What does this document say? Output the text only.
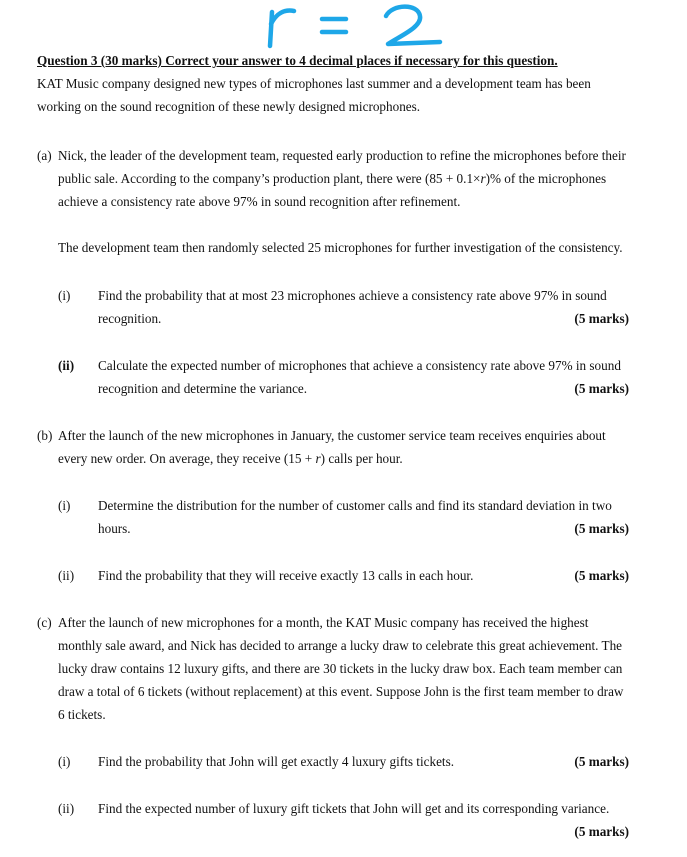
Question 3 (30 marks) Correct your answer to 4 decimal places if necessary for this question.
KAT Music company designed new types of microphones last summer and a development team has been working on the sound recognition of these newly designed microphones.
(a) Nick, the leader of the development team, requested early production to refine the microphones before their public sale. According to the company’s production plant, there were (85 + 0.1×r)% of the microphones achieve a consistency rate above 97% in sound recognition after refinement.
The development team then randomly selected 25 microphones for further investigation of the consistency.
(i)	Find the probability that at most 23 microphones achieve a consistency rate above 97% in sound recognition.	(5 marks)
(ii)	Calculate the expected number of microphones that achieve a consistency rate above 97% in sound recognition and determine the variance.	(5 marks)
(b) After the launch of the new microphones in January, the customer service team receives enquiries about every new order. On average, they receive (15 + r) calls per hour.
(i)	Determine the distribution for the number of customer calls and find its standard deviation in two hours.	(5 marks)
(ii)	Find the probability that they will receive exactly 13 calls in each hour.	(5 marks)
(c) After the launch of new microphones for a month, the KAT Music company has received the highest monthly sale award, and Nick has decided to arrange a lucky draw to celebrate this great achievement. The lucky draw contains 12 luxury gifts, and there are 30 tickets in the lucky draw box. Each team member can draw a total of 6 tickets (without replacement) at this event. Suppose John is the first team member to draw 6 tickets.
(i)	Find the probability that John will get exactly 4 luxury gifts tickets.	(5 marks)
(ii)	Find the expected number of luxury gift tickets that John will get and its corresponding variance.
(5 marks)
